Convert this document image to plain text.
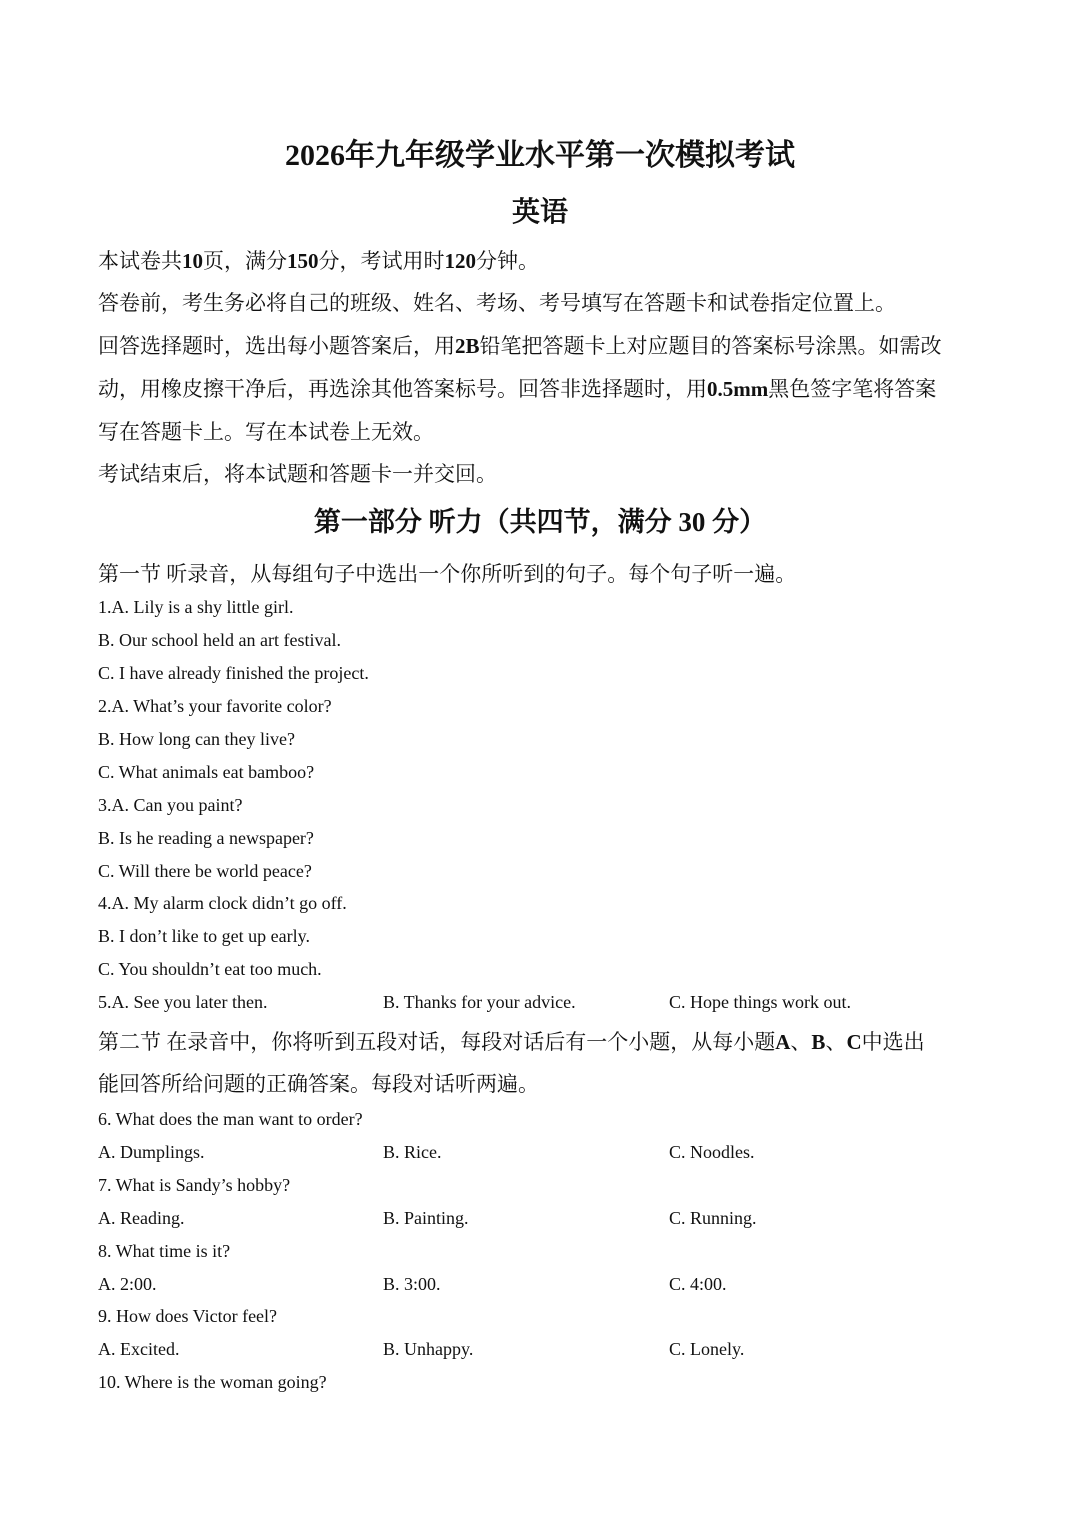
2026年九年级学业水平第一次模拟考试
英语
本试卷共10页，满分150分，考试用时120分钟。
答卷前，考生务必将自己的班级、姓名、考场、考号填写在答题卡和试卷指定位置上。
回答选择题时，选出每小题答案后，用2B铅笔把答题卡上对应题目的答案标号涂黑。如需改
动，用橡皮擦干净后，再选涂其他答案标号。回答非选择题时，用0.5mm黑色签字笔将答案
写在答题卡上。写在本试卷上无效。
考试结束后，将本试题和答题卡一并交回。
第一部分 听力（共四节，满分 30 分）
第一节 听录音，从每组句子中选出一个你所听到的句子。每个句子听一遍。
1.A. Lily is a shy little girl.
B. Our school held an art festival.
C. I have already finished the project.
2.A. What’s your favorite color?
B. How long can they live?
C. What animals eat bamboo?
3.A. Can you paint?
B. Is he reading a newspaper?
C. Will there be world peace?
4.A. My alarm clock didn’t go off.
B. I don’t like to get up early.
C. You shouldn’t eat too much.
5.A. See you later then.	B. Thanks for your advice.	C. Hope things work out.
第二节 在录音中，你将听到五段对话，每段对话后有一个小题，从每小题A、B、C中选出
能回答所给问题的正确答案。每段对话听两遍。
6. What does the man want to order?
A. Dumplings.	B. Rice.	C. Noodles.
7. What is Sandy’s hobby?
A. Reading.	B. Painting.	C. Running.
8. What time is it?
A. 2:00.	B. 3:00.	C. 4:00.
9. How does Victor feel?
A. Excited.	B. Unhappy.	C. Lonely.
10. Where is the woman going?
